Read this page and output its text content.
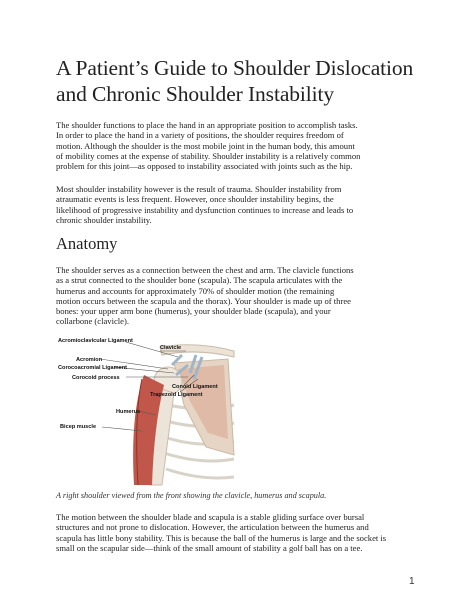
A Patient’s Guide to Shoulder Dislocation
and Chronic Shoulder Instability
The shoulder functions to place the hand in an appropriate position to accomplish tasks.
In order to place the hand in a variety of positions, the shoulder requires freedom of
motion. Although the shoulder is the most mobile joint in the human body, this amount
of mobility comes at the expense of stability. Shoulder instability is a relatively common
problem for this joint—as opposed to instability associated with joints such as the hip.
Most shoulder instability however is the result of trauma. Shoulder instability from
atraumatic events is less frequent. However, once shoulder instability begins, the
likelihood of progressive instability and dysfunction continues to increase and leads to
chronic shoulder instability.
Anatomy
The shoulder serves as a connection between the chest and arm. The clavicle functions
as a strut connected to the shoulder bone (scapula). The scapula articulates with the
humerus and accounts for approximately 70% of shoulder motion (the remaining
motion occurs between the scapula and the thorax). Your shoulder is made up of three
bones: your upper arm bone (humerus), your shoulder blade (scapula), and your
collarbone (clavicle).
Acromioclavicular Ligament
Clavicle
Acromion
Corocoacromial Ligament
Corocoid process
Conoid Ligament
Trapezoid Ligament
Humerus
Bicep muscle
A right shoulder viewed from the front showing the clavicle, humerus and scapula.
The motion between the shoulder blade and scapula is a stable gliding surface over bursal
structures and not prone to dislocation. However, the articulation between the humerus and
scapula has little bony stability. This is because the ball of the humerus is large and the socket is
small on the scapular side—think of the small amount of stability a golf ball has on a tee.
1
